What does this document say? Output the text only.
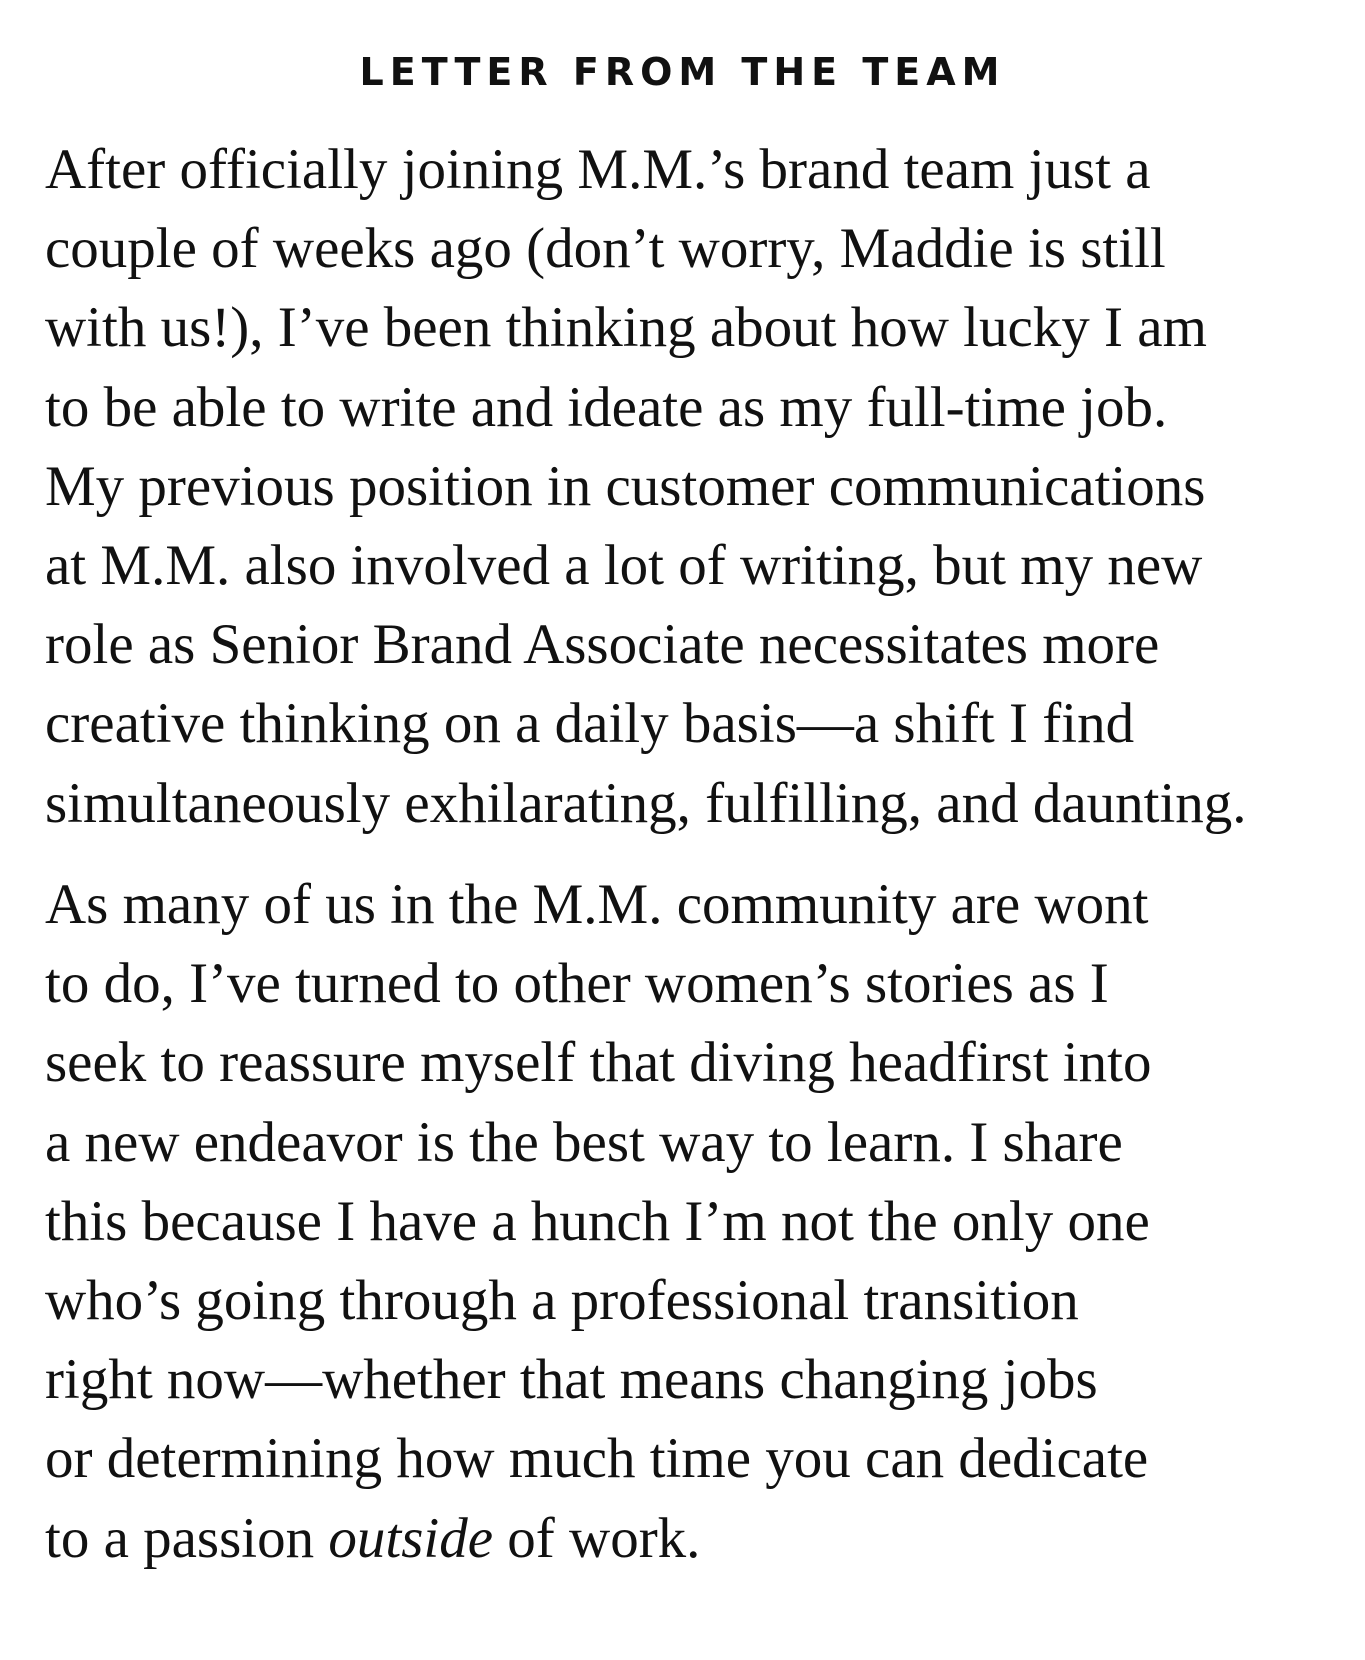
LETTER FROM THE TEAM

After officially joining M.M.’s brand team just a
couple of weeks ago (don’t worry, Maddie is still
with us!), I’ve been thinking about how lucky I am
to be able to write and ideate as my full-time job.
My previous position in customer communications
at M.M. also involved a lot of writing, but my new
role as Senior Brand Associate necessitates more
creative thinking on a daily basis—a shift I find
simultaneously exhilarating, fulfilling, and daunting.

As many of us in the M.M. community are wont
to do, I’ve turned to other women’s stories as I
seek to reassure myself that diving headfirst into
a new endeavor is the best way to learn. I share
this because I have a hunch I’m not the only one
who’s going through a professional transition
right now—whether that means changing jobs
or determining how much time you can dedicate
to a passion outside of work.
